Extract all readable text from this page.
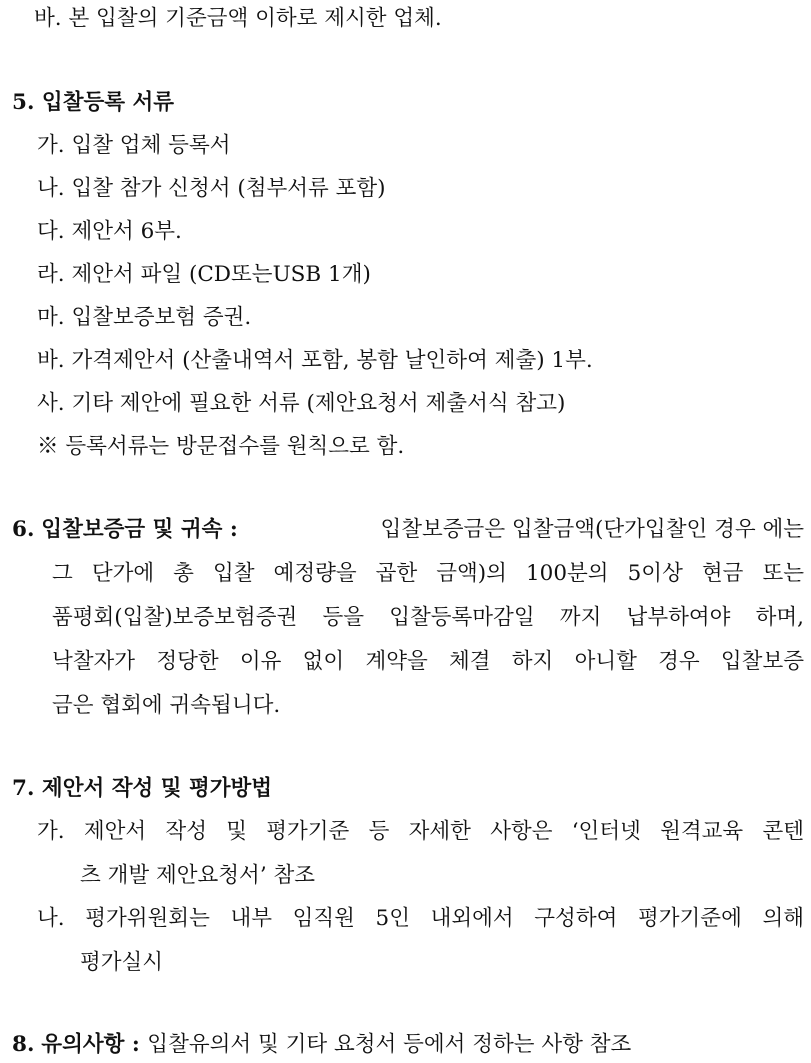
바. 본 입찰의 기준금액 이하로 제시한 업체.
5. 입찰등록 서류
가. 입찰 업체 등록서
나. 입찰 참가 신청서 (첨부서류 포함)
다. 제안서 6부.
라. 제안서 파일 (CD또는USB 1개)
마. 입찰보증보험 증권.
바. 가격제안서 (산출내역서 포함, 봉함 날인하여 제출) 1부.
사. 기타 제안에 필요한 서류 (제안요청서 제출서식 참고)
※ 등록서류는 방문접수를 원칙으로 함.
6. 입찰보증금 및 귀속 :	입찰보증금은 입찰금액(단가입찰인 경우 에는
그 단가에 총 입찰 예정량을 곱한 금액)의 100분의 5이상 현금 또는
품평회(입찰)보증보험증권 등을 입찰등록마감일 까지 납부하여야 하며,
낙찰자가 정당한 이유 없이 계약을 체결 하지 아니할 경우 입찰보증
금은 협회에 귀속됩니다.
7. 제안서 작성 및 평가방법
가. 제안서 작성 및 평가기준 등 자세한 사항은 ‘인터넷 원격교육 콘텐
츠 개발 제안요청서’ 참조
나. 평가위원회는 내부 임직원 5인 내외에서 구성하여 평가기준에 의해
평가실시
8. 유의사항 : 입찰유의서 및 기타 요청서 등에서 정하는 사항 참조
